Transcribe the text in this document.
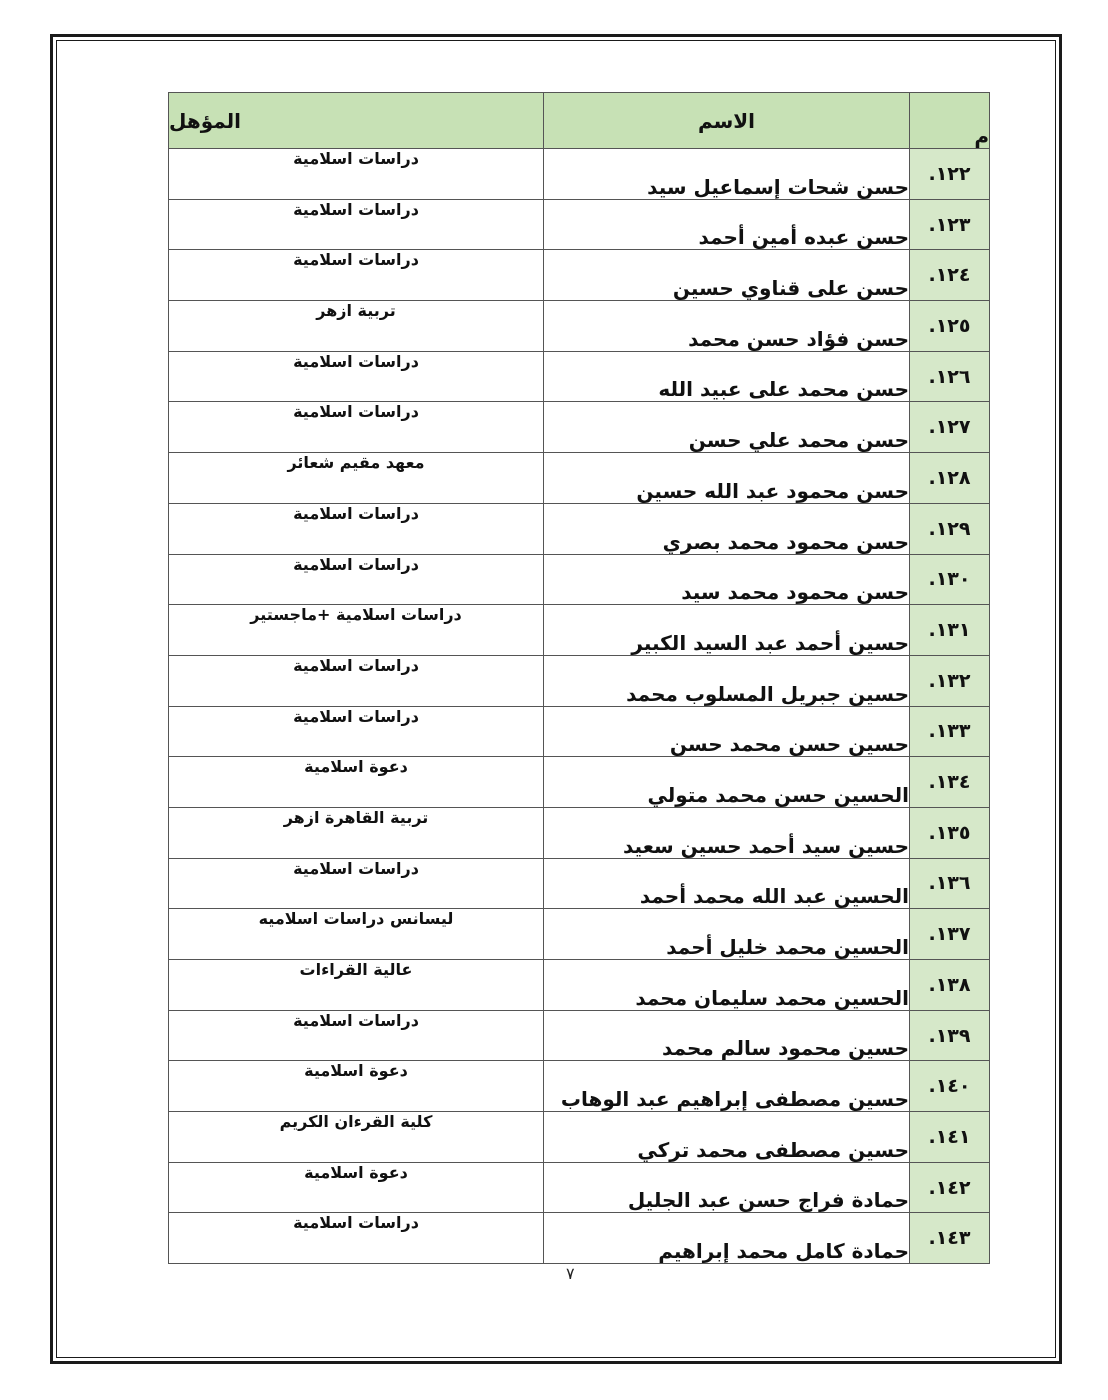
م	الاسم	المؤهل
١٢٢.	حسن شحات إسماعيل سيد	دراسات اسلامية
١٢٣.	حسن عبده أمين أحمد	دراسات اسلامية
١٢٤.	حسن على قناوي حسين	دراسات اسلامية
١٢٥.	حسن فؤاد حسن محمد	تربية ازهر
١٢٦.	حسن محمد على عبيد الله	دراسات اسلامية
١٢٧.	حسن محمد علي حسن	دراسات اسلامية
١٢٨.	حسن محمود عبد الله حسين	معهد مقيم شعائر
١٢٩.	حسن محمود محمد بصري	دراسات اسلامية
١٣٠.	حسن محمود محمد سيد	دراسات اسلامية
١٣١.	حسين أحمد عبد السيد الكبير	دراسات اسلامية +ماجستير
١٣٢.	حسين جبريل المسلوب محمد	دراسات اسلامية
١٣٣.	حسين حسن محمد حسن	دراسات اسلامية
١٣٤.	الحسين حسن محمد متولي	دعوة اسلامية
١٣٥.	حسين سيد أحمد حسين سعيد	تربية القاهرة ازهر
١٣٦.	الحسين عبد الله محمد أحمد	دراسات اسلامية
١٣٧.	الحسين محمد خليل أحمد	ليسانس دراسات اسلاميه
١٣٨.	الحسين محمد سليمان محمد	عالية القراءات
١٣٩.	حسين محمود سالم محمد	دراسات اسلامية
١٤٠.	حسين مصطفى إبراهيم عبد الوهاب	دعوة اسلامية
١٤١.	حسين مصطفى محمد تركي	كلية القرءان الكريم
١٤٢.	حمادة فراج حسن عبد الجليل	دعوة اسلامية
١٤٣.	حمادة كامل محمد إبراهيم	دراسات اسلامية
٧
